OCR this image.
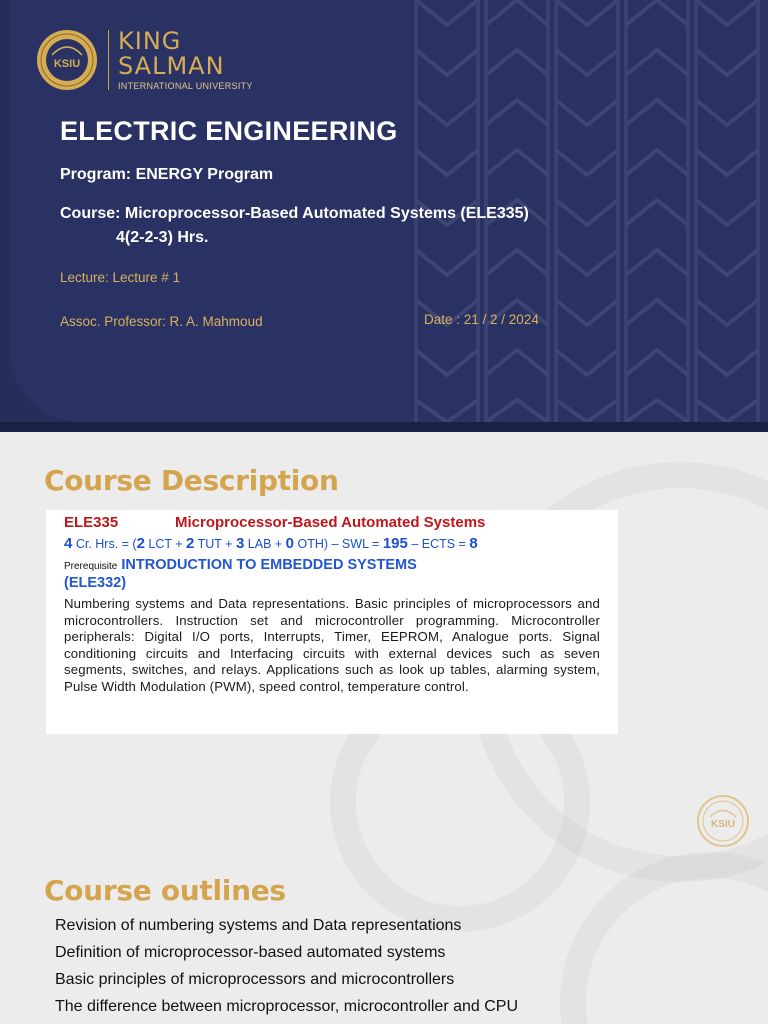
KSIU
KING
SALMAN
INTERNATIONAL UNIVERSITY
ELECTRIC ENGINEERING
Program: ENERGY Program
Course: Microprocessor-Based Automated Systems (ELE335)
4(2-2-3) Hrs.
Lecture: Lecture # 1
Assoc. Professor: R. A. Mahmoud	Date : 21 / 2 / 2024
Course Description
ELE335	Microprocessor-Based Automated Systems
4 Cr. Hrs. = (2 LCT + 2 TUT + 3 LAB + 0 OTH) – SWL = 195 – ECTS = 8
Prerequisite INTRODUCTION TO EMBEDDED SYSTEMS
(ELE332)

Numbering systems and Data representations. Basic principles of microprocessors and microcontrollers. Instruction set and microcontroller programming. Microcontroller peripherals: Digital I/O ports, Interrupts, Timer, EEPROM, Analogue ports. Signal conditioning circuits and Interfacing circuits with external devices such as seven segments, switches, and relays. Applications such as look up tables, alarming system, Pulse Width Modulation (PWM), speed control, temperature control.

KSIU
Course outlines
Revision of numbering systems and Data representations
Definition of microprocessor-based automated systems
Basic principles of microprocessors and microcontrollers
The difference between microprocessor, microcontroller and CPU
